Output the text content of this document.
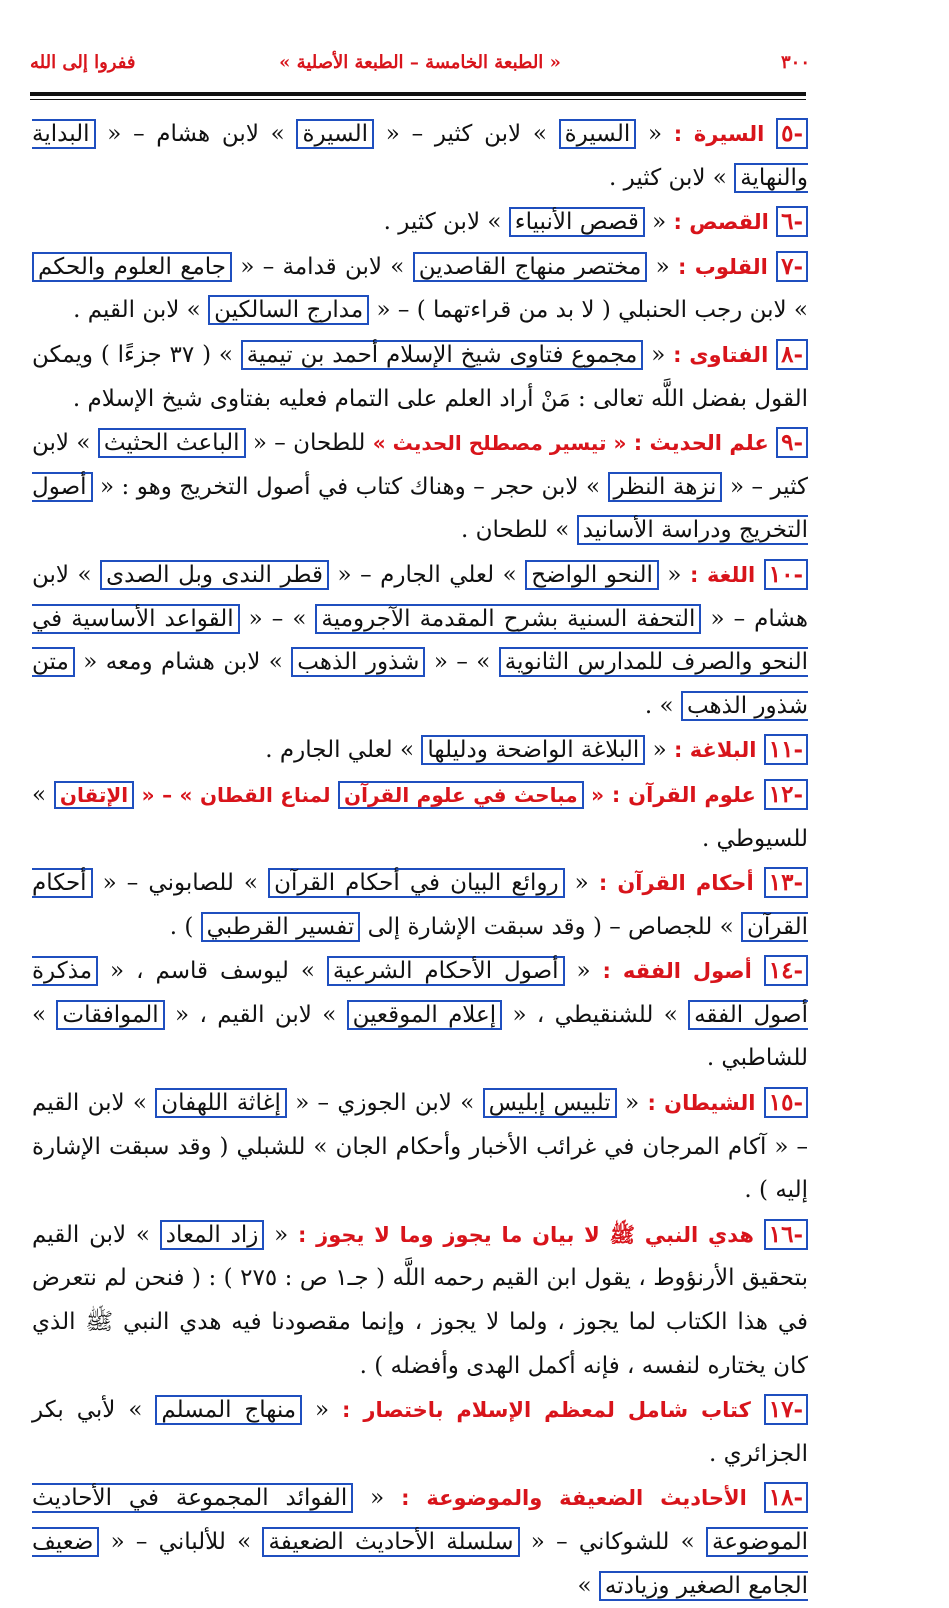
٣٠٠
« الطبعة الخامسة – الطبعة الأصلية »
ففروا إلى الله

-٥ السيرة : « السيرة » لابن كثير – « السيرة » لابن هشام – « البداية والنهاية » لابن كثير .

-٦ القصص : « قصص الأنبياء » لابن كثير .

-٧ القلوب : « مختصر منهاج القاصدين » لابن قدامة – « جامع العلوم والحكم » لابن رجب الحنبلي ( لا بد من قراءتهما ) – « مدارج السالكين » لابن القيم .

-٨ الفتاوى : « مجموع فتاوى شيخ الإسلام أحمد بن تيمية » ( ٣٧ جزءًا ) ويمكن القول بفضل اللَّه تعالى : مَنْ أراد العلم على التمام فعليه بفتاوى شيخ الإسلام .

-٩ علم الحديث : « تيسير مصطلح الحديث » للطحان – « الباعث الحثيث » لابن كثير – « نزهة النظر » لابن حجر – وهناك كتاب في أصول التخريج وهو : « أصول التخريج ودراسة الأسانيد » للطحان .

-١٠ اللغة : « النحو الواضح » لعلي الجارم – « قطر الندى وبل الصدى » لابن هشام – « التحفة السنية بشرح المقدمة الآجرومية » – « القواعد الأساسية في النحو والصرف للمدارس الثانوية » – « شذور الذهب » لابن هشام ومعه « متن شذور الذهب » .

-١١ البلاغة : « البلاغة الواضحة ودليلها » لعلي الجارم .

-١٢ علوم القرآن : « مباحث في علوم القرآن لمناع القطان » – « الإتقان » للسيوطي .

-١٣ أحكام القرآن : « روائع البيان في أحكام القرآن » للصابوني – « أحكام القرآن » للجصاص – ( وقد سبقت الإشارة إلى تفسير القرطبي ) .

-١٤ أصول الفقه : « أصول الأحكام الشرعية » ليوسف قاسم ، « مذكرة أصول الفقه » للشنقيطي ، « إعلام الموقعين » لابن القيم ، « الموافقات » للشاطبي .

-١٥ الشيطان : « تلبيس إبليس » لابن الجوزي – « إغاثة اللهفان » لابن القيم – « آكام المرجان في غرائب الأخبار وأحكام الجان » للشبلي ( وقد سبقت الإشارة إليه ) .

-١٦ هدي النبي ﷺ لا بيان ما يجوز وما لا يجوز : « زاد المعاد » لابن القيم بتحقيق الأرنؤوط ، يقول ابن القيم رحمه اللَّه ( جـ١ ص : ٢٧٥ ) : ( فنحن لم نتعرض في هذا الكتاب لما يجوز ، ولما لا يجوز ، وإنما مقصودنا فيه هدي النبي ﷺ الذي كان يختاره لنفسه ، فإنه أكمل الهدى وأفضله ) .

-١٧ كتاب شامل لمعظم الإسلام باختصار : « منهاج المسلم » لأبي بكر الجزائري .

-١٨ الأحاديث الضعيفة والموضوعة : « الفوائد المجموعة في الأحاديث الموضوعة » للشوكاني – « سلسلة الأحاديث الضعيفة » للألباني – « ضعيف الجامع الصغير وزيادته »
